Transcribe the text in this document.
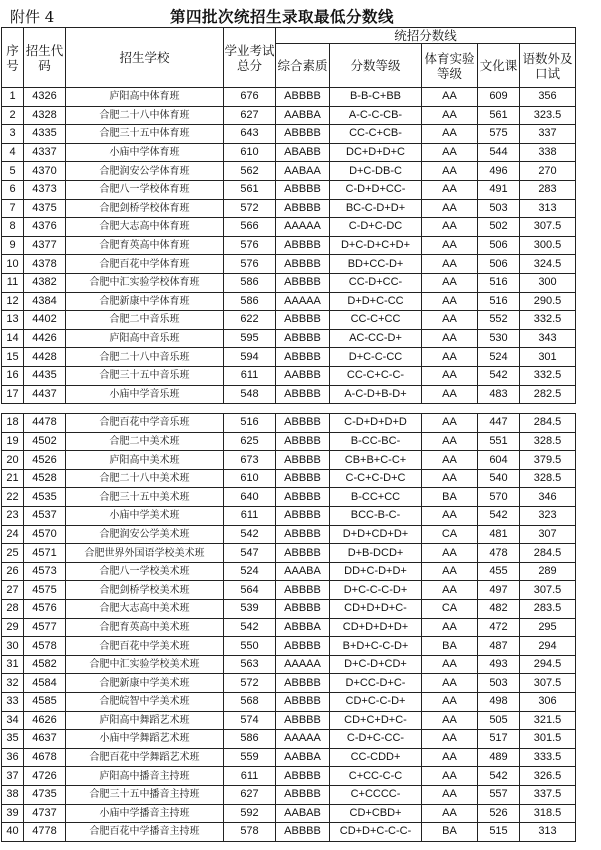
附件 4	第四批次统招生录取最低分数线
序号	招生代码	招生学校	学业考试总分	统招分数线				
				综合素质	分数等级	体育实验等级	文化课	语数外及口试
1	4326	庐阳高中体育班	676	ABBBB	B-B-C+BB	AA	609	356
2	4328	合肥二十八中体育班	627	AABBA	A-C-C-CB-	AA	561	323.5
3	4335	合肥三十五中体育班	643	ABBBB	CC-C+CB-	AA	575	337
4	4337	小庙中学体育班	610	ABABB	DC+D+D+C	AA	544	338
5	4370	合肥润安公学体育班	562	AABAA	D+C-DB-C	AA	496	270
6	4373	合肥八一学校体育班	561	ABBBB	C-D+D+CC-	AA	491	283
7	4375	合肥剑桥学校体育班	572	ABBBB	BC-C-D+D+	AA	503	313
8	4376	合肥大志高中体育班	566	AAAAA	C-D+C-DC	AA	502	307.5
9	4377	合肥育英高中体育班	576	ABBBB	D+C-D+C+D+	AA	506	300.5
10	4378	合肥百花中学体育班	576	ABBBB	BD+CC-D+	AA	506	324.5
11	4382	合肥中汇实验学校体育班	586	ABBBB	CC-D+CC-	AA	516	300
12	4384	合肥新康中学体育班	586	AAAAA	D+D+C-CC	AA	516	290.5
13	4402	合肥二中音乐班	622	ABBBB	CC-C+CC	AA	552	332.5
14	4426	庐阳高中音乐班	595	ABBBB	AC-CC-D+	AA	530	343
15	4428	合肥二十八中音乐班	594	ABBBB	D+C-C-CC	AA	524	301
16	4435	合肥三十五中音乐班	611	AABBB	CC-C+C-C-	AA	542	332.5
17	4437	小庙中学音乐班	548	ABBBB	A-C-D+B-D+	AA	483	282.5

18	4478	合肥百花中学音乐班	516	ABBBB	C-D+D+D+D	AA	447	284.5
19	4502	合肥二中美术班	625	ABBBB	B-CC-BC-	AA	551	328.5
20	4526	庐阳高中美术班	673	ABBBB	CB+B+C-C+	AA	604	379.5
21	4528	合肥二十八中美术班	610	ABBBB	C-C+C-D+C	AA	540	328.5
22	4535	合肥三十五中美术班	640	ABBBB	B-CC+CC	BA	570	346
23	4537	小庙中学美术班	611	ABBBB	BCC-B-C-	AA	542	323
24	4570	合肥润安公学美术班	542	ABBBB	D+D+CD+D+	CA	481	307
25	4571	合肥世界外国语学校美术班	547	ABBBB	D+B-DCD+	AA	478	284.5
26	4573	合肥八一学校美术班	524	AAABA	DD+C-D+D+	AA	455	289
27	4575	合肥剑桥学校美术班	564	ABBBB	D+C-C-C-D+	AA	497	307.5
28	4576	合肥大志高中美术班	539	ABBBB	CD+D+D+C-	CA	482	283.5
29	4577	合肥育英高中美术班	542	ABBBA	CD+D+D+D+	AA	472	295
30	4578	合肥百花中学美术班	550	ABBBB	B+D+C-C-D+	BA	487	294
31	4582	合肥中汇实验学校美术班	563	AAAAA	D+C-D+CD+	AA	493	294.5
32	4584	合肥新康中学美术班	572	ABBBB	D+CC-D+C-	AA	503	307.5
33	4585	合肥皖智中学美术班	568	ABBBB	CD+C-C-D+	AA	498	306
34	4626	庐阳高中舞蹈艺术班	574	ABBBB	CD+C+D+C-	AA	505	321.5
35	4637	小庙中学舞蹈艺术班	586	AAAAA	C-D+C-CC-	AA	517	301.5
36	4678	合肥百花中学舞蹈艺术班	559	AABBA	CC-CDD+	AA	489	333.5
37	4726	庐阳高中播音主持班	611	ABBBB	C+CC-C-C	AA	542	326.5
38	4735	合肥三十五中播音主持班	627	ABBBB	C+CCCC-	AA	557	337.5
39	4737	小庙中学播音主持班	592	AABAB	CD+CBD+	AA	526	318.5
40	4778	合肥百花中学播音主持班	578	ABBBB	CD+D+C-C-C-	BA	515	313
